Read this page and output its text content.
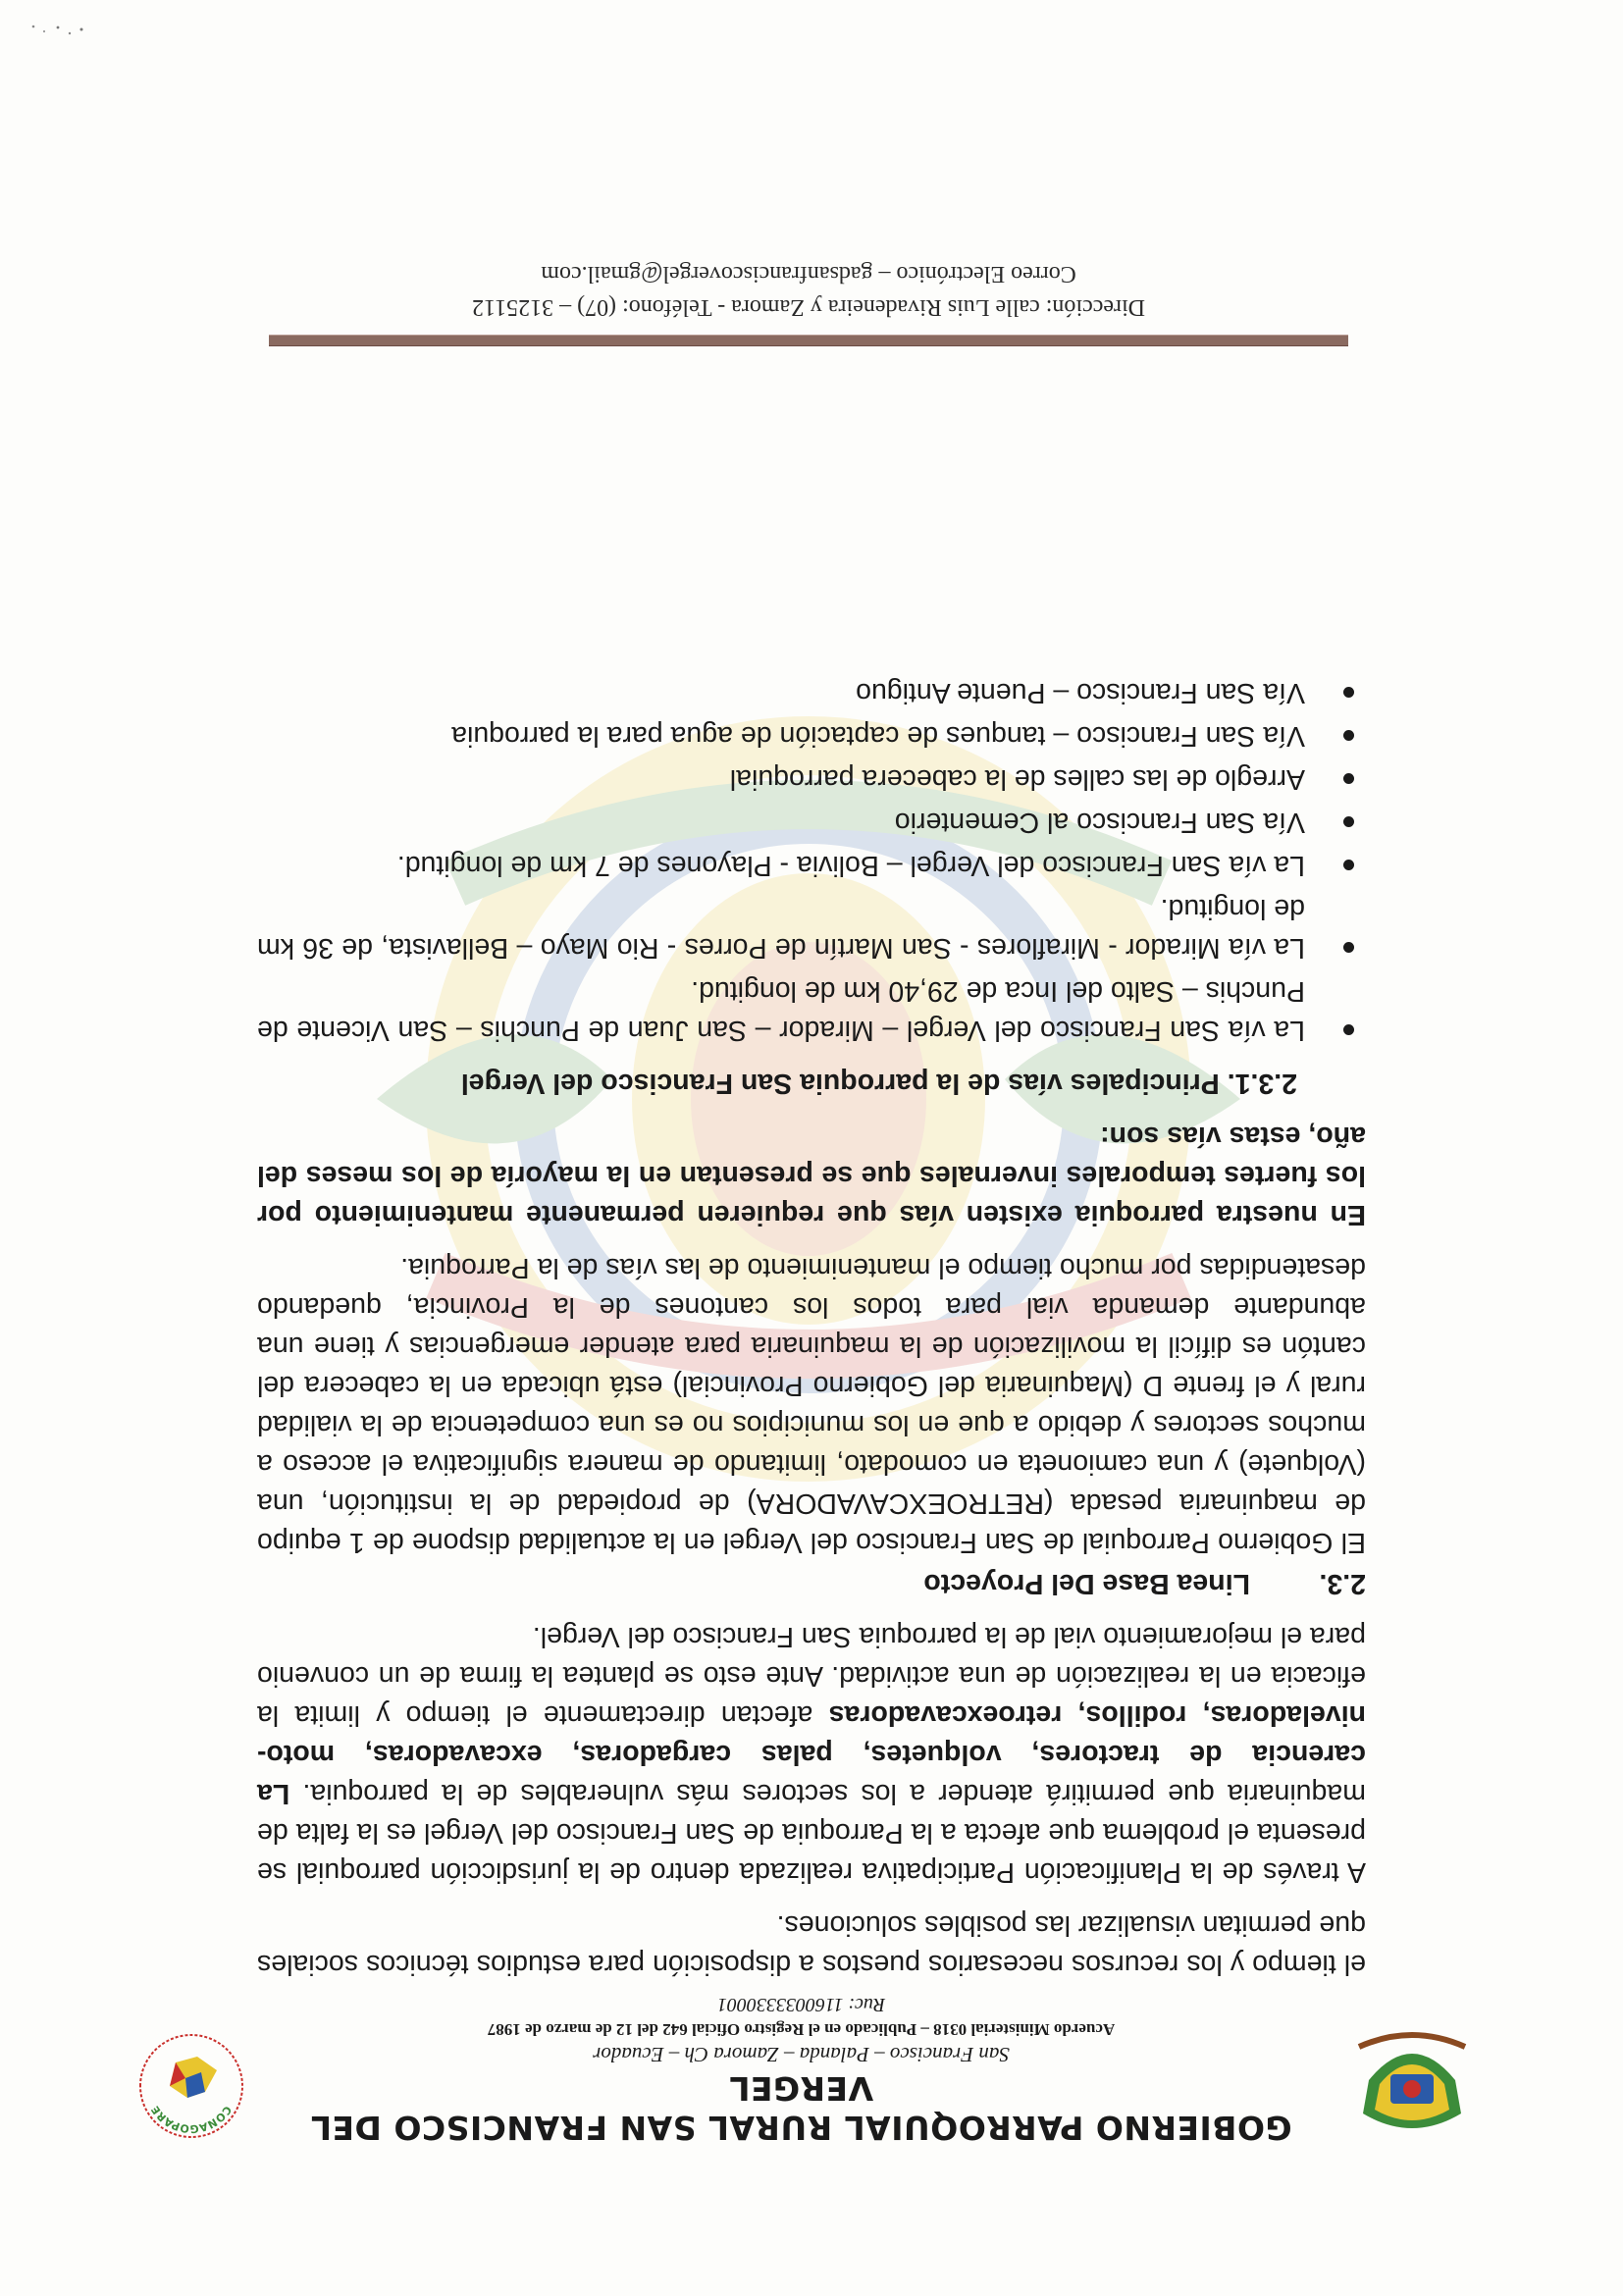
GOBIERNO PARROQUIAL RURAL SAN FRANCISCO DEL VERGEL
San Francisco – Palanda – Zamora Ch – Ecuador
Acuerdo Ministerial 0318 – Publicado en el Registro Oficial 642 del 12 de marzo de 1987
Ruc: 1160033330001
CONAGOPARE

el tiempo y los recursos necesarios puestos a disposición para estudios técnicos sociales que permitan visualizar las posibles soluciones.

A través de la Planificación Participativa realizada dentro de la jurisdicción parroquial se presenta el problema que afecta a la Parroquia de San Francisco del Vergel es la falta de maquinaria que permitirá atender a los sectores más vulnerables de la parroquia. La carencia de tractores, volquetes, palas cargadoras, excavadoras, moto-niveladoras, rodillos, retroexcavadoras afectan directamente el tiempo y limita la eficacia en la realización de una actividad. Ante esto se plantea la firma de un convenio para el mejoramiento vial de la parroquia San Francisco del Vergel.

2.3.Linea Base Del Proyecto

El Gobierno Parroquial de San Francisco del Vergel en la actualidad dispone de 1 equipo de maquinaria pesada (RETROEXCAVADORA) de propiedad de la institución, una (Volquete) y una camioneta en comodato, limitando de manera significativa el acceso a muchos sectores y debido a que en los municipios no es una competencia de la vialidad rural y el frente D (Maquinaria del Gobierno Provincial) está ubicada en la cabecera del cantón es difícil la movilización de la maquinaria para atender emergencias y tiene una abundante demanda vial para todos los cantones de la Provincia, quedando desatendidas por mucho tiempo el mantenimiento de las vías de la Parroquia.

En nuestra parroquia existen vías que requieren permanente mantenimiento por los fuertes temporales invernales que se presentan en la mayoría de los meses del año, estas vías son:

2.3.1. Principales vías de la parroquia San Francisco del Vergel
La vía San Francisco del Vergel – Mirador – San Juan de Punchis – San Vicente de Punchis – Salto del Inca de 29,40 km de longitud.
La vía Mirador - Miraflores - San Martín de Porres - Rio Mayo – Bellavista, de 36 km de longitud.
La vía San Francisco del Vergel – Bolivia - Playones de 7 km de longitud.
Vía San Francisco al Cementerio
Arreglo de las calles de la cabecera parroquial
Vía San Francisco – tanques de captación de agua para la parroquia
Vía San Francisco – Puente Antiguo
Dirección: calle Luis Rivadeneira y Zamora - Teléfono: (07) – 3125112
Correo Electrónico – gadsanfranciscovergel@gmail.com
